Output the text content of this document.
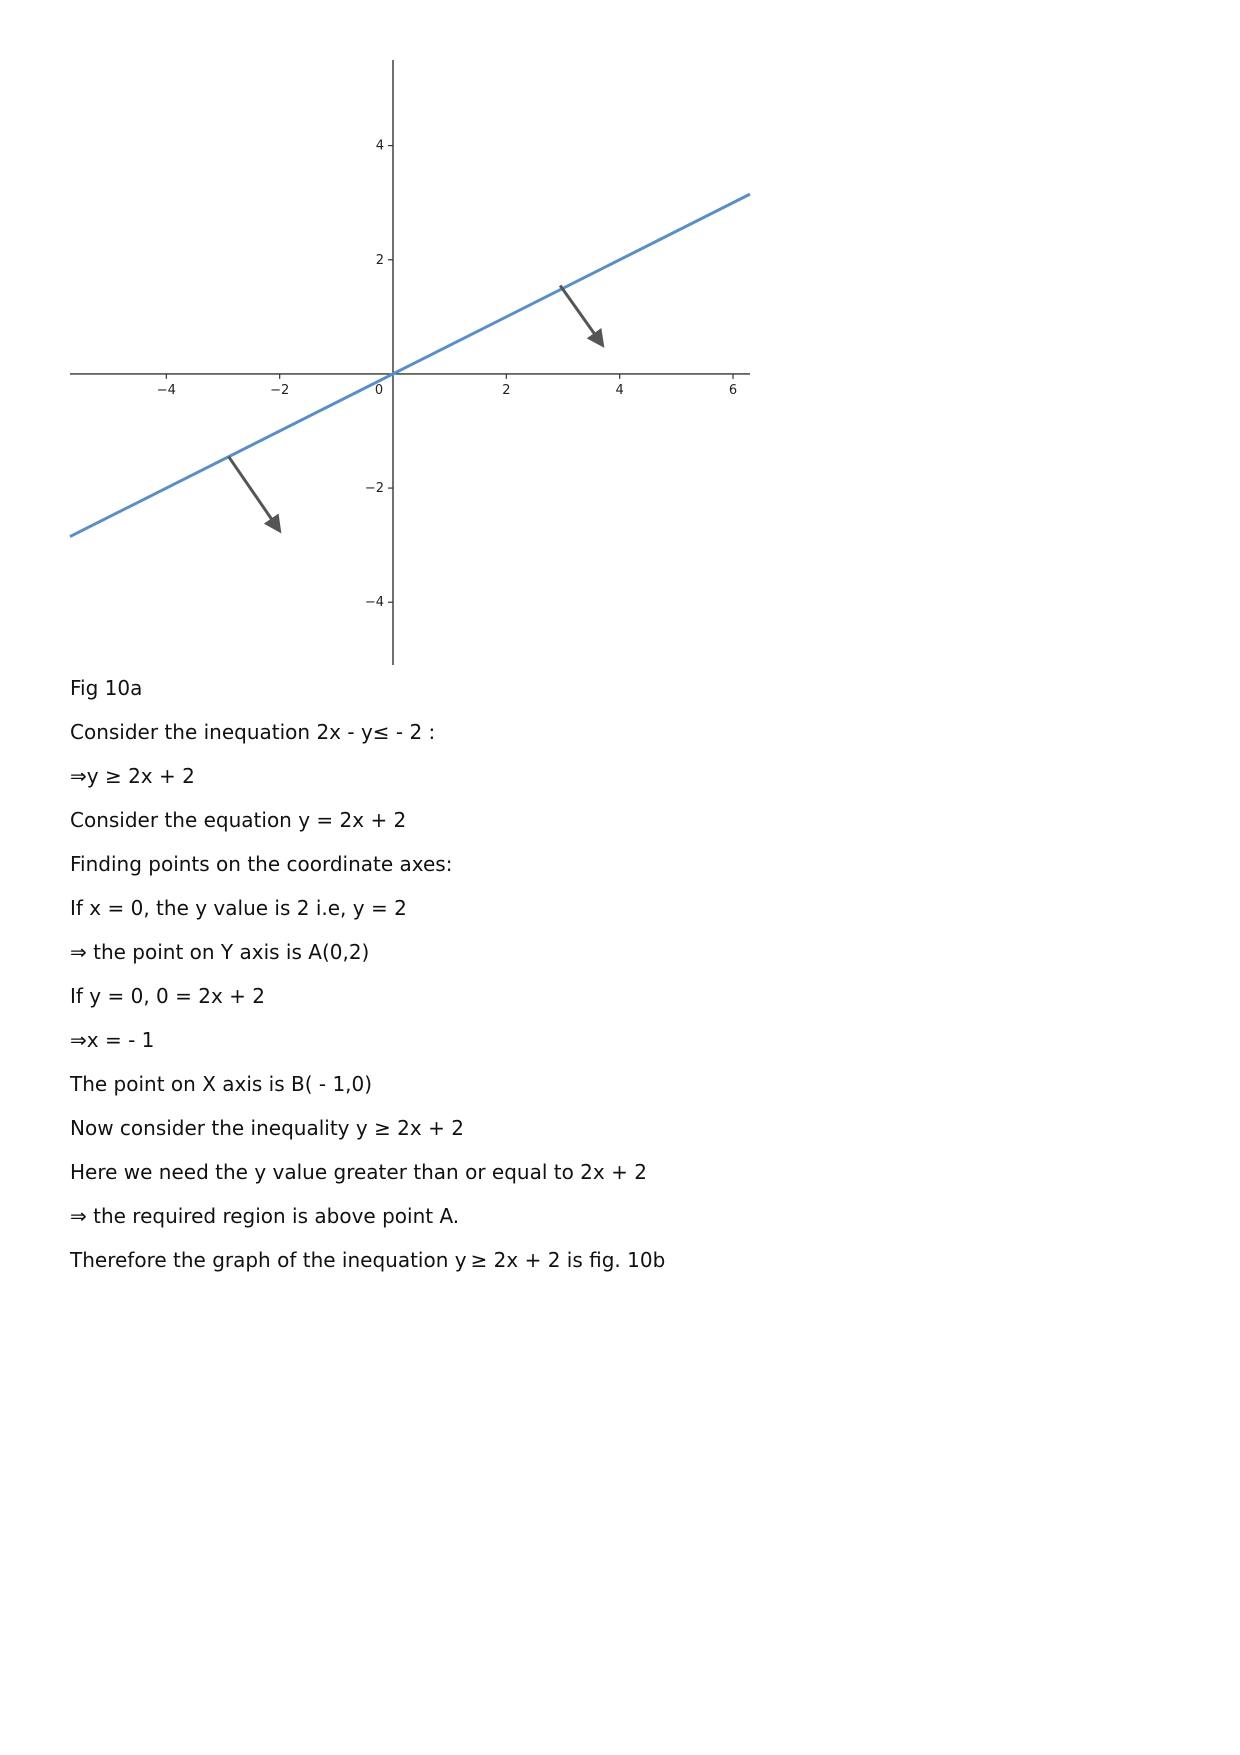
−4	−2	0	2	4	6
−4
−2
2
4
Fig 10a
Consider the inequation 2x - y≤ - 2 :
⇒y ≥ 2x + 2
Consider the equation y = 2x + 2
Finding points on the coordinate axes:
If x = 0, the y value is 2 i.e, y = 2
⇒ the point on Y axis is A(0,2)
If y = 0, 0 = 2x + 2
⇒x = - 1
The point on X axis is B( - 1,0)
Now consider the inequality y ≥ 2x + 2
Here we need the y value greater than or equal to 2x + 2
⇒ the required region is above point A.
Therefore the graph of the inequation y ≥ 2x + 2 is fig. 10b
